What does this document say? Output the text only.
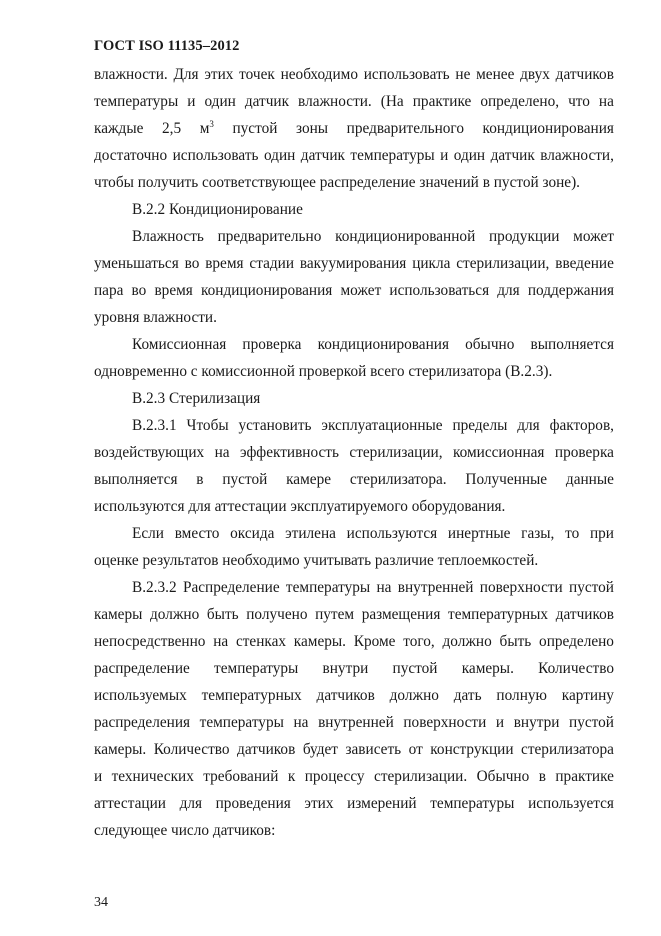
ГОСТ ISO 11135–2012
влажности. Для этих точек необходимо использовать не менее двух датчиков
температуры и один датчик влажности. (На практике определено, что на
каждые 2,5 $м^3$ пустой зоны предварительного кондиционирования
достаточно использовать один датчик температуры и один датчик влажности,
чтобы получить соответствующее распределение значений в пустой зоне).
В.2.2 Кондиционирование
Влажность предварительно кондиционированной продукции может
уменьшаться во время стадии вакуумирования цикла стерилизации, введение
пара во время кондиционирования может использоваться для поддержания
уровня влажности.
Комиссионная проверка кондиционирования обычно выполняется
одновременно с комиссионной проверкой всего стерилизатора (В.2.3).
В.2.3 Стерилизация
В.2.3.1 Чтобы установить эксплуатационные пределы для факторов,
воздействующих на эффективность стерилизации, комиссионная проверка
выполняется в пустой камере стерилизатора. Полученные данные
используются для аттестации эксплуатируемого оборудования.
Если вместо оксида этилена используются инертные газы, то при
оценке результатов необходимо учитывать различие теплоемкостей.
В.2.3.2 Распределение температуры на внутренней поверхности пустой
камеры должно быть получено путем размещения температурных датчиков
непосредственно на стенках камеры. Кроме того, должно быть определено
распределение температуры внутри пустой камеры. Количество
используемых температурных датчиков должно дать полную картину
распределения температуры на внутренней поверхности и внутри пустой
камеры. Количество датчиков будет зависеть от конструкции стерилизатора
и технических требований к процессу стерилизации. Обычно в практике
аттестации для проведения этих измерений температуры используется
следующее число датчиков:
34
